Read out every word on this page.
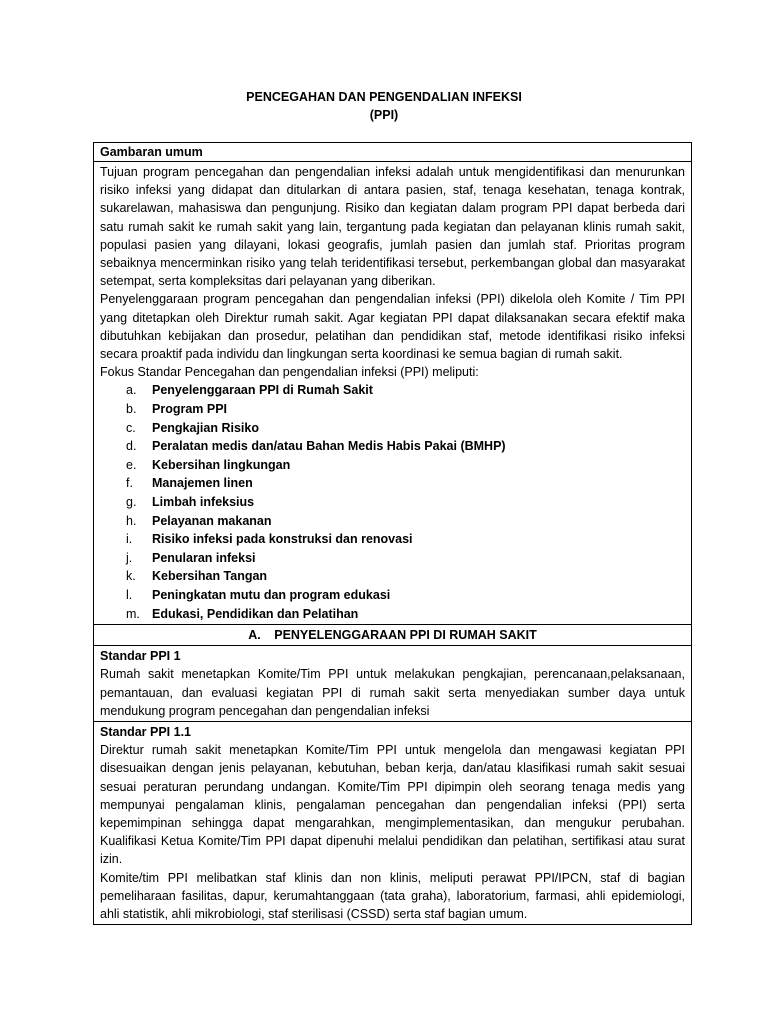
PENCEGAHAN DAN PENGENDALIAN INFEKSI
(PPI)
Gambaran umum

Tujuan program pencegahan dan pengendalian infeksi adalah untuk mengidentifikasi dan menurunkan risiko infeksi yang didapat dan ditularkan di antara pasien, staf, tenaga kesehatan, tenaga kontrak, sukarelawan, mahasiswa dan pengunjung. Risiko dan kegiatan dalam program PPI dapat berbeda dari satu rumah sakit ke rumah sakit yang lain, tergantung pada kegiatan dan pelayanan klinis rumah sakit, populasi pasien yang dilayani, lokasi geografis, jumlah pasien dan jumlah staf. Prioritas program sebaiknya mencerminkan risiko yang telah teridentifikasi tersebut, perkembangan global dan masyarakat setempat, serta kompleksitas dari pelayanan yang diberikan.

Penyelenggaraan program pencegahan dan pengendalian infeksi (PPI) dikelola oleh Komite / Tim PPI yang ditetapkan oleh Direktur rumah sakit. Agar kegiatan PPI dapat dilaksanakan secara efektif maka dibutuhkan kebijakan dan prosedur, pelatihan dan pendidikan staf, metode identifikasi risiko infeksi secara proaktif pada individu dan lingkungan serta koordinasi ke semua bagian di rumah sakit.

Fokus Standar Pencegahan dan pengendalian infeksi (PPI) meliputi:

a.	Penyelenggaraan PPI di Rumah Sakit
b.	Program PPI
c.	Pengkajian Risiko
d.	Peralatan medis dan/atau Bahan Medis Habis Pakai (BMHP)
e.	Kebersihan lingkungan
f.	Manajemen linen
g.	Limbah infeksius
h.	Pelayanan makanan
i.	Risiko infeksi pada konstruksi dan renovasi
j.	Penularan infeksi
k.	Kebersihan Tangan
l.	Peningkatan mutu dan program edukasi
m. Edukasi, Pendidikan dan Pelatihan
A. PENYELENGGARAAN PPI DI RUMAH SAKIT

Standar PPI 1

Rumah sakit menetapkan Komite/Tim PPI untuk melakukan pengkajian, perencanaan,pelaksanaan, pemantauan, dan evaluasi kegiatan PPI di rumah sakit serta menyediakan sumber daya untuk mendukung program pencegahan dan pengendalian infeksi

Standar PPI 1.1

Direktur rumah sakit menetapkan Komite/Tim PPI untuk mengelola dan mengawasi kegiatan PPI disesuaikan dengan jenis pelayanan, kebutuhan, beban kerja, dan/atau klasifikasi rumah sakit sesuai sesuai peraturan perundang undangan. Komite/Tim PPI dipimpin oleh seorang tenaga medis yang mempunyai pengalaman klinis, pengalaman pencegahan dan pengendalian infeksi (PPI) serta kepemimpinan sehingga dapat mengarahkan, mengimplementasikan, dan mengukur perubahan. Kualifikasi Ketua Komite/Tim PPI dapat dipenuhi melalui pendidikan dan pelatihan, sertifikasi atau surat izin.

Komite/tim PPI melibatkan staf klinis dan non klinis, meliputi perawat PPI/IPCN, staf di bagian pemeliharaan fasilitas, dapur, kerumahtanggaan (tata graha), laboratorium, farmasi, ahli epidemiologi, ahli statistik, ahli mikrobiologi, staf sterilisasi (CSSD) serta staf bagian umum.
